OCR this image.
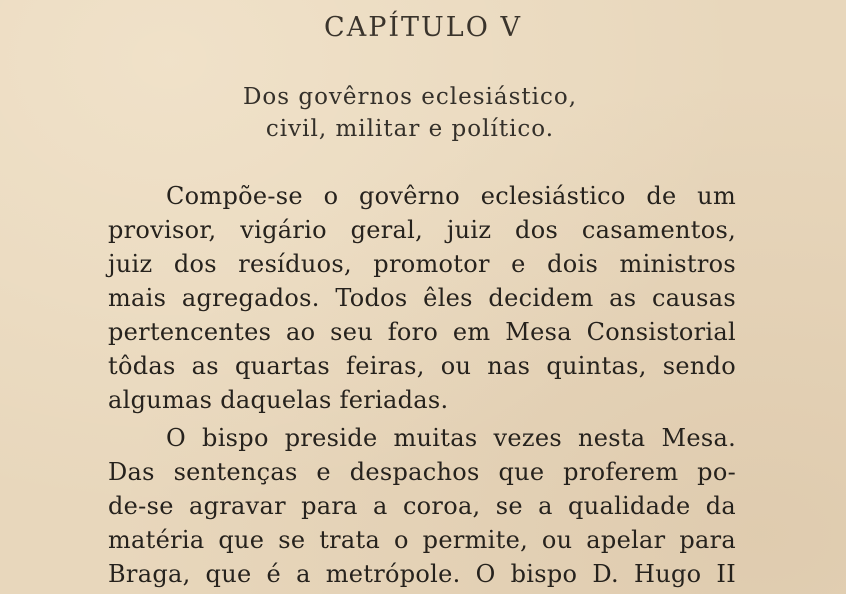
CAPÍTULO V
Dos govêrnos eclesiástico,
civil, militar e político.
Compõe-se o govêrno eclesiástico de um
provisor, vigário geral, juiz dos casamentos,
juiz dos resíduos, promotor e dois ministros
mais agregados. Todos êles decidem as causas
pertencentes ao seu foro em Mesa Consistorial
tôdas as quartas feiras, ou nas quintas, sendo
algumas daquelas feriadas.
O bispo preside muitas vezes nesta Mesa.
Das sentenças e despachos que proferem po-
de-se agravar para a coroa, se a qualidade da
matéria que se trata o permite, ou apelar para
Braga, que é a metrópole. O bispo D. Hugo II
